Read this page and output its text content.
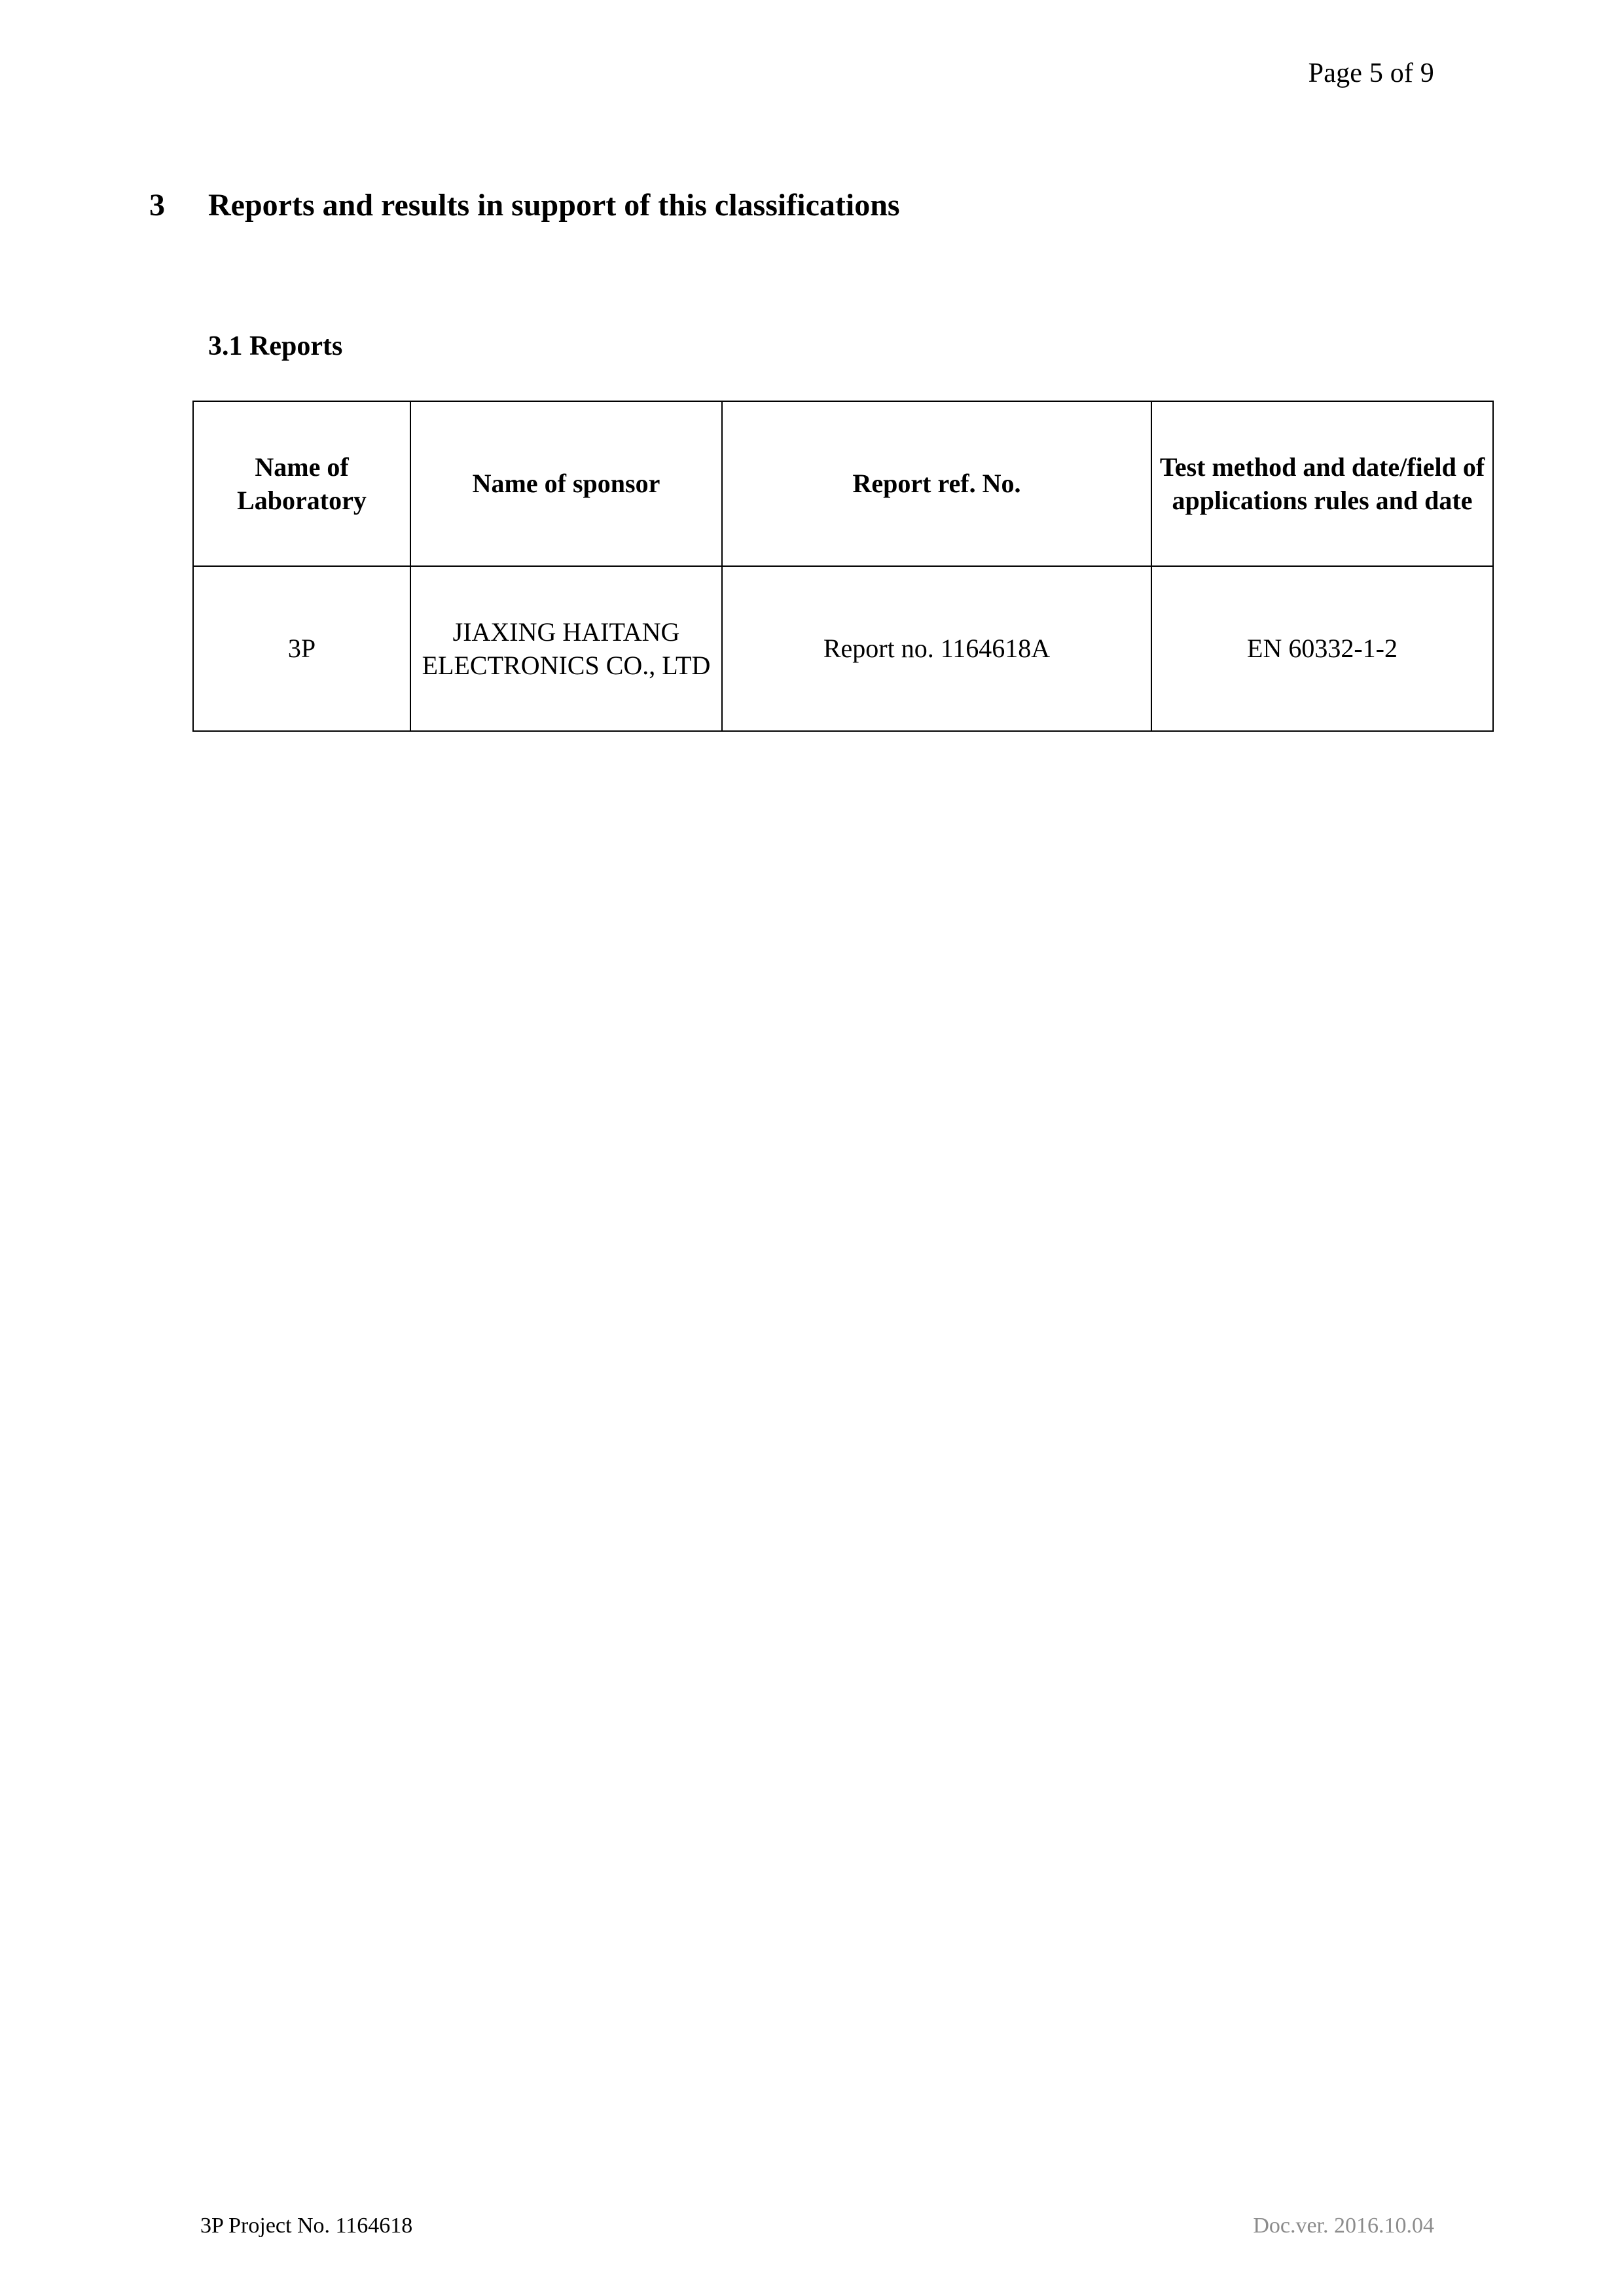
Page 5 of 9
3	Reports and results in support of this classifications
3.1 Reports
Name of Laboratory	Name of sponsor	Report ref. No.	Test method and date/field of applications rules and date
3P	JIAXING HAITANG ELECTRONICS CO., LTD	Report no. 1164618A	EN 60332-1-2
3P Project No. 1164618	Doc.ver. 2016.10.04
